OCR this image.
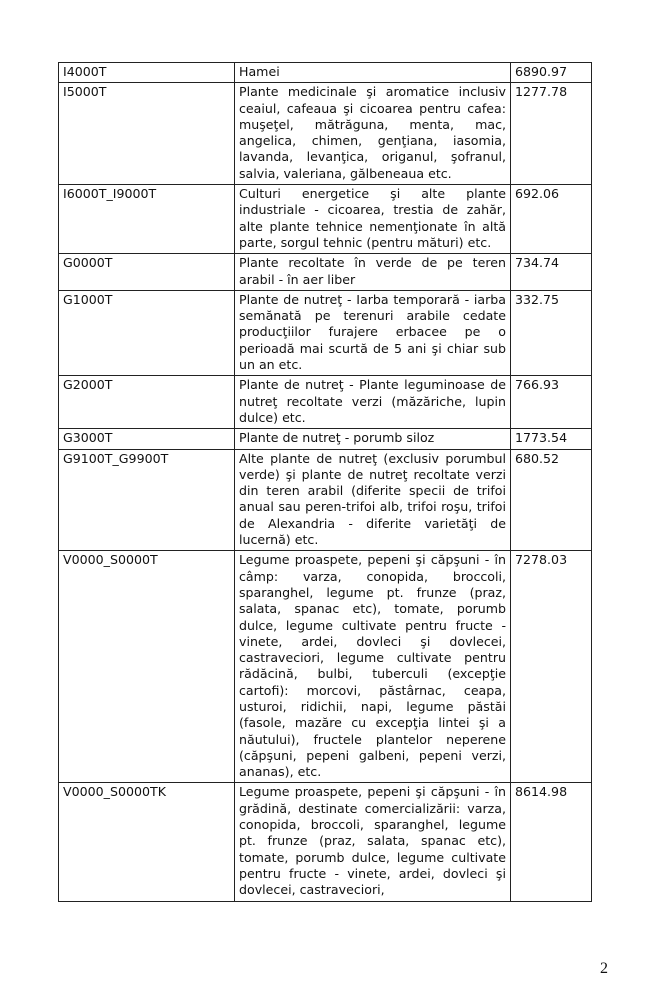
I4000T	Hamei	6890.97
I5000T	Plante medicinale şi aromatice inclusiv ceaiul, cafeaua şi cicoarea pentru cafea: muşeţel, mătrăguna, menta, mac, angelica, chimen, genţiana, iasomia, lavanda, levanţica, origanul, şofranul, salvia, valeriana, gălbeneaua etc.	1277.78
I6000T_I9000T	Culturi energetice şi alte plante industriale - cicoarea, trestia de zahăr, alte plante tehnice nemenţionate în altă parte, sorgul tehnic (pentru mături) etc.	692.06
G0000T	Plante recoltate în verde de pe teren arabil - în aer liber	734.74
G1000T	Plante de nutreţ - Iarba temporară - iarba semănată pe terenuri arabile cedate producţiilor furajere erbacee pe o perioadă mai scurtă de 5 ani şi chiar sub un an etc.	332.75
G2000T	Plante de nutreţ - Plante leguminoase de nutreţ recoltate verzi (măzăriche, lupin dulce) etc.	766.93
G3000T	Plante de nutreţ - porumb siloz	1773.54
G9100T_G9900T	Alte plante de nutreţ (exclusiv porumbul verde) şi plante de nutreţ recoltate verzi din teren arabil (diferite specii de trifoi anual sau peren-trifoi alb, trifoi roşu, trifoi de Alexandria - diferite varietăţi de lucernă) etc.	680.52
V0000_S0000T	Legume proaspete, pepeni şi căpşuni - în câmp: varza, conopida, broccoli, sparanghel, legume pt. frunze (praz, salata, spanac etc), tomate, porumb dulce, legume cultivate pentru fructe - vinete, ardei, dovleci şi dovlecei, castraveciori, legume cultivate pentru rădăcină, bulbi, tuberculi (excepţie cartofi): morcovi, păstârnac, ceapa, usturoi, ridichii, napi, legume păstăi (fasole, mazăre cu excepţia lintei şi a năutului), fructele plantelor neperene (căpşuni, pepeni galbeni, pepeni verzi, ananas), etc.	7278.03
V0000_S0000TK	Legume proaspete, pepeni şi căpşuni - în grădină, destinate comercializării: varza, conopida, broccoli, sparanghel, legume pt. frunze (praz, salata, spanac etc), tomate, porumb dulce, legume cultivate pentru fructe - vinete, ardei, dovleci şi dovlecei, castraveciori,	8614.98
2
